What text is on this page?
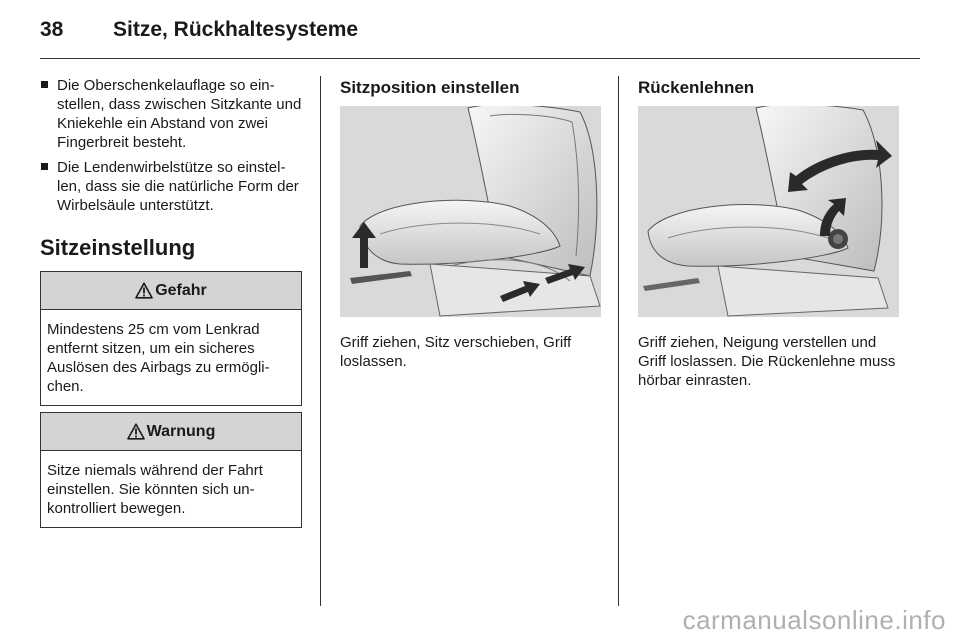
38 Sitze, Rückhaltesysteme
Die Oberschenkelauflage so ein-stellen, dass zwischen Sitzkante und Kniekehle ein Abstand von zwei Fingerbreit besteht.
Die Lendenwirbelstütze so einstel-len, dass sie die natürliche Form der Wirbelsäule unterstützt.
Sitzeinstellung
Gefahr
Mindestens 25 cm vom Lenkrad entfernt sitzen, um ein sicheres Auslösen des Airbags zu ermögli-chen.
Warnung
Sitze niemals während der Fahrt einstellen. Sie könnten sich un-kontrolliert bewegen.
Sitzposition einstellen
Griff ziehen, Sitz verschieben, Griff loslassen.
Rückenlehnen
Griff ziehen, Neigung verstellen und Griff loslassen. Die Rückenlehne muss hörbar einrasten.
carmanualsonline.info
